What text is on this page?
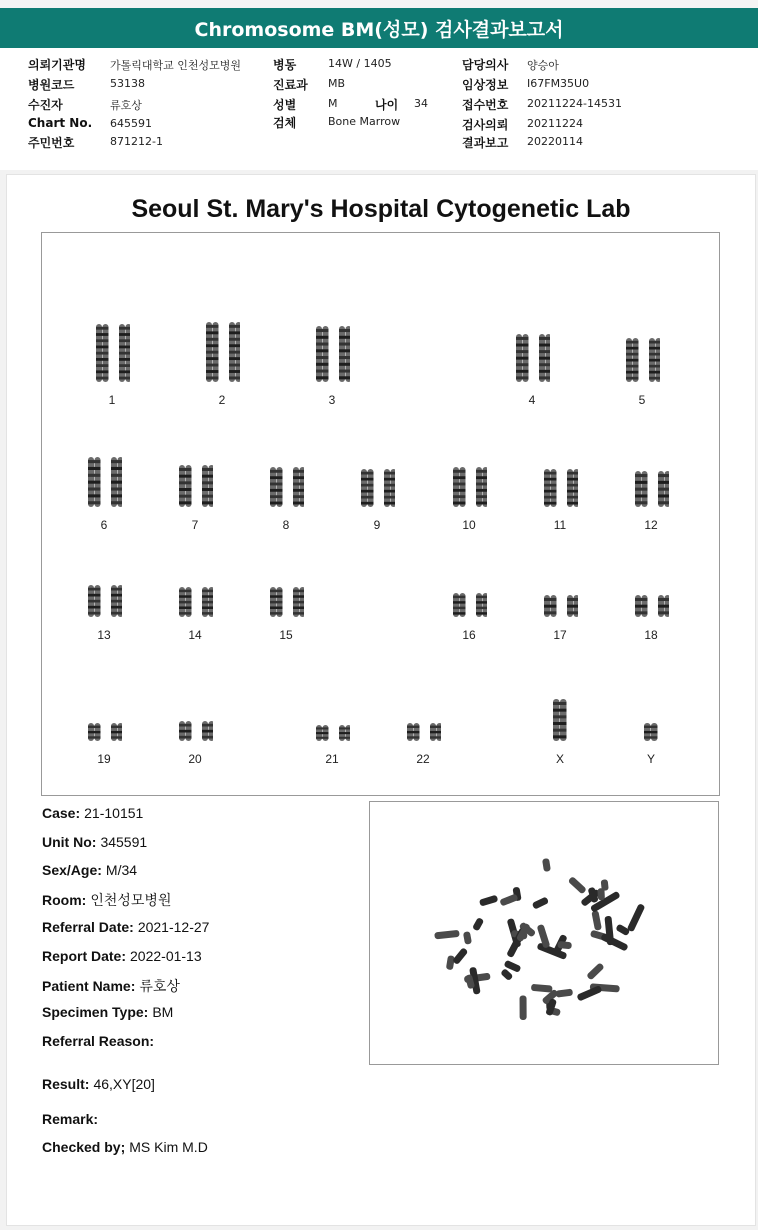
Chromosome BM(성모) 검사결과보고서
의뢰기관명 가톨릭대학교 인천성모병원
병원코드	53138
수진자	류호상
Chart No. 645591
주민번호	871212-1
병동	14W / 1405
진료과 MB
성별	M	나이 34
검체	Bone Marrow
담당의사 양승아
임상정보 I67FM35U0
접수번호 20211224-14531
검사의뢰 20211224
결과보고 20220114
Seoul St. Mary's Hospital Cytogenetic Lab
1	2	3	4	5
6	7	8	9	10	11	12
13	14	15	16	17	18
19	20	21	22	X	Y
Case: 21-10151
Unit No: 345591
Sex/Age: M/34
Room: 인천성모병원
Referral Date: 2021-12-27
Report Date: 2022-01-13
Patient Name: 류호상
Specimen Type: BM
Referral Reason:
Result: 46,XY[20]
Remark:
Checked by; MS Kim M.D
